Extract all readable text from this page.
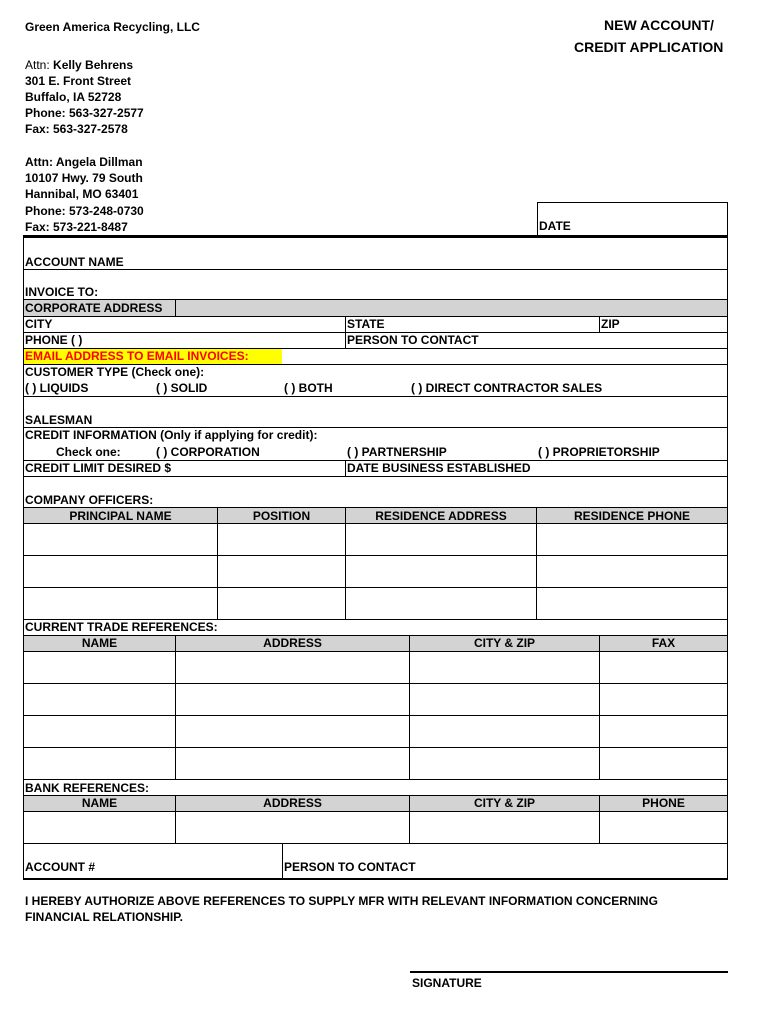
Green America Recycling, LLC	NEW ACCOUNT/
CREDIT APPLICATION
Attn: Kelly Behrens
301 E. Front Street
Buffalo, IA 52728
Phone: 563-327-2577
Fax: 563-327-2578
Attn: Angela Dillman
10107 Hwy. 79 South
Hannibal, MO 63401
Phone: 573-248-0730
Fax: 573-221-8487	DATE
ACCOUNT NAME
INVOICE TO:
CORPORATE ADDRESS
CITY	STATE	ZIP
PHONE ( )	PERSON TO CONTACT
EMAIL ADDRESS TO EMAIL INVOICES:
CUSTOMER TYPE (Check one):
( ) LIQUIDS	( ) SOLID	( ) BOTH	( ) DIRECT CONTRACTOR SALES
SALESMAN
CREDIT INFORMATION (Only if applying for credit):
Check one:	( ) CORPORATION	( ) PARTNERSHIP	( ) PROPRIETORSHIP
CREDIT LIMIT DESIRED $	DATE BUSINESS ESTABLISHED
COMPANY OFFICERS:
PRINCIPAL NAME	POSITION	RESIDENCE ADDRESS	RESIDENCE PHONE
CURRENT TRADE REFERENCES:
NAME	ADDRESS	CITY & ZIP	FAX
BANK REFERENCES:
NAME	ADDRESS	CITY & ZIP	PHONE
ACCOUNT #	PERSON TO CONTACT
I HEREBY AUTHORIZE ABOVE REFERENCES TO SUPPLY MFR WITH RELEVANT INFORMATION CONCERNING
FINANCIAL RELATIONSHIP.
SIGNATURE
